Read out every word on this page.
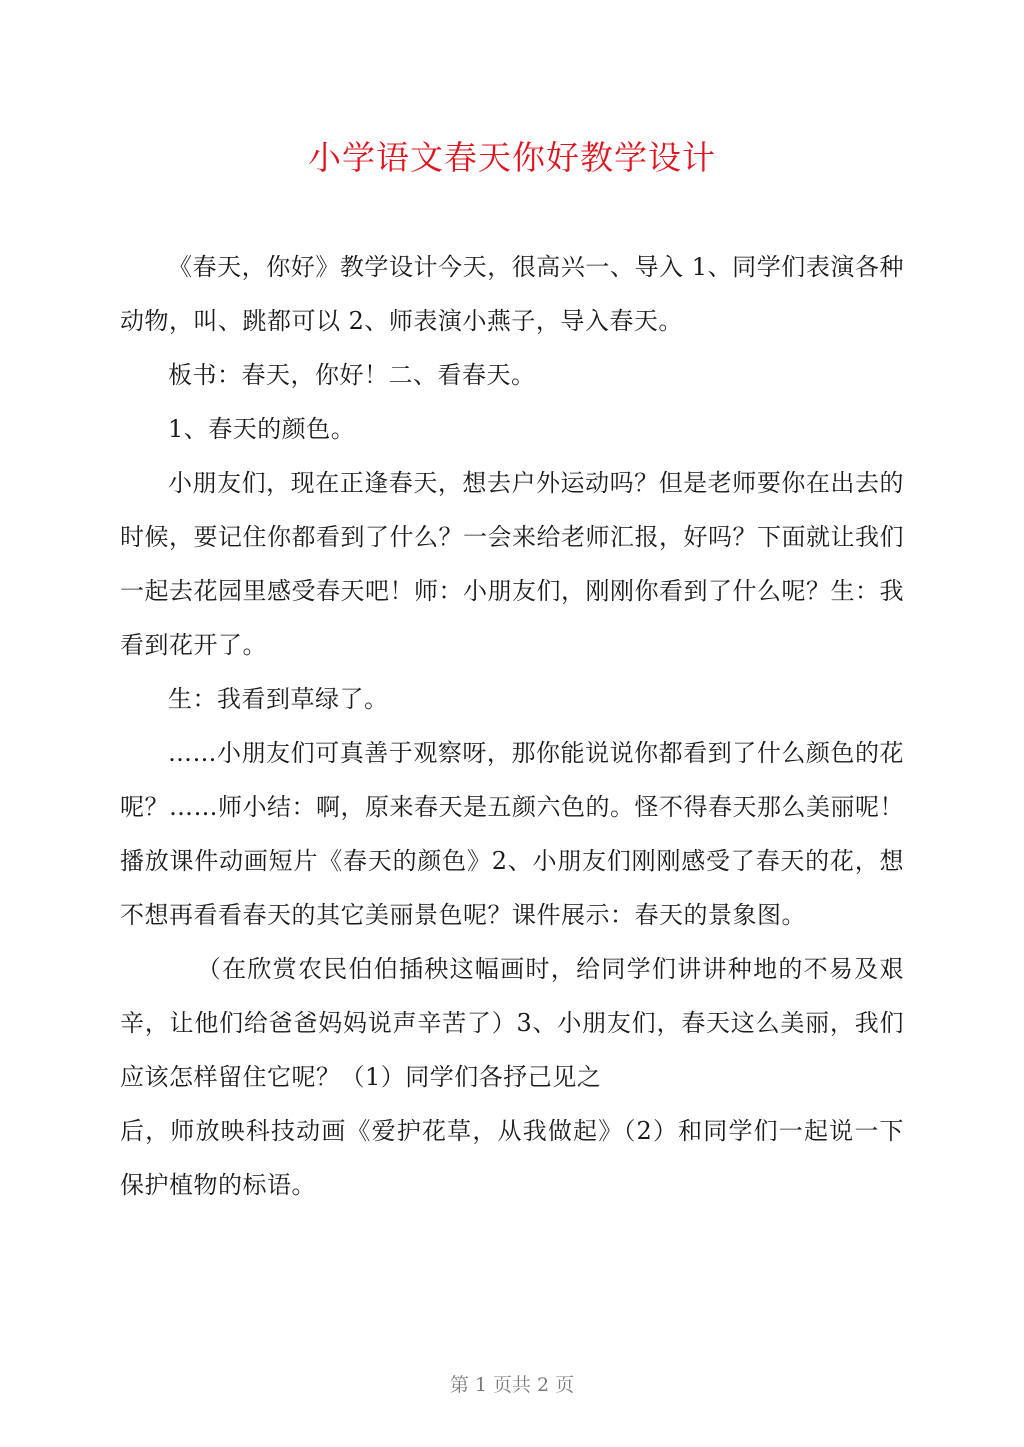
小学语文春天你好教学设计

《春天，你好》教学设计今天，很高兴一、导入 1、同学们表演各种动物，叫、跳都可以 2、师表演小燕子，导入春天。

板书：春天，你好！二、看春天。

1、春天的颜色。

小朋友们，现在正逢春天，想去户外运动吗？但是老师要你在出去的时候，要记住你都看到了什么？一会来给老师汇报，好吗？下面就让我们一起去花园里感受春天吧！师：小朋友们，刚刚你看到了什么呢？生：我看到花开了。

生：我看到草绿了。

……小朋友们可真善于观察呀，那你能说说你都看到了什么颜色的花呢？……师小结：啊，原来春天是五颜六色的。怪不得春天那么美丽呢！播放课件动画短片《春天的颜色》2、小朋友们刚刚感受了春天的花，想不想再看看春天的其它美丽景色呢？课件展示：春天的景象图。

（在欣赏农民伯伯插秧这幅画时，给同学们讲讲种地的不易及艰辛，让他们给爸爸妈妈说声辛苦了）3、小朋友们，春天这么美丽，我们应该怎样留住它呢？（1）同学们各抒己见之

后，师放映科技动画《爱护花草，从我做起》（2）和同学们一起说一下保护植物的标语。

第 1 页共 2 页
